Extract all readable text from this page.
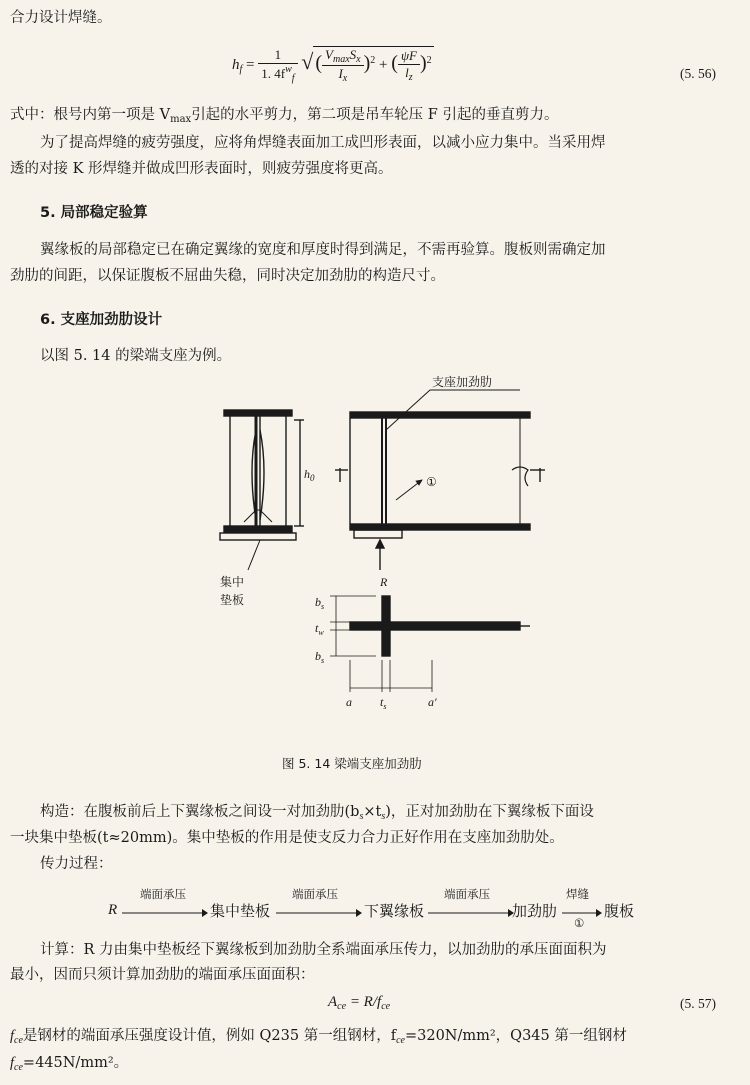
合力设计焊缝。
$h_f = \frac{1}{1. 4f^w_f}$ √ ( $\frac{V_{max}S_x}{I_x} )^2$ + ( $\frac{\psi F}{l_z} )^2$
(5. 56)
式中：根号内第一项是 $V_{max}$引起的水平剪力，第二项是吊车轮压 F 引起的垂直剪力。
为了提高焊缝的疲劳强度，应将角焊缝表面加工成凹形表面，以减小应力集中。当采用焊
透的对接 K 形焊缝并做成凹形表面时，则疲劳强度将更高。
5. 局部稳定验算
翼缘板的局部稳定已在确定翼缘的宽度和厚度时得到满足，不需再验算。腹板则需确定加
劲肋的间距，以保证腹板不屈曲失稳，同时决定加劲肋的构造尺寸。
6. 支座加劲肋设计
以图 5. 14 的梁端支座为例。
$h_0$
R
$b_s$
$t_w$
$b_s$
a $t_s$	a′
支座加劲肋
①
集中
垫板
图 5. 14 梁端支座加劲肋
构造：在腹板前后上下翼缘板之间设一对加劲肋$(b_s\times t_s)$，正对加劲肋在下翼缘板下面设
一块集中垫板(t≈20mm)。集中垫板的作用是使支反力合力正好作用在支座加劲肋处。
传力过程：
R
端面承压
集中垫板
端面承压
下翼缘板
端面承压
加劲肋
焊缝
①
腹板
计算：R 力由集中垫板经下翼缘板到加劲肋全系端面承压传力，以加劲肋的承压面面积为
最小，因而只须计算加劲肋的端面承压面面积：
$A_{ce} = R/f_{ce}$	(5. 57)
$f_{ce}$是钢材的端面承压强度设计值，例如 Q235 第一组钢材，$f_{ce}=320N$/mm²，Q345 第一组钢材
$f_{ce}=445N$/mm²。
